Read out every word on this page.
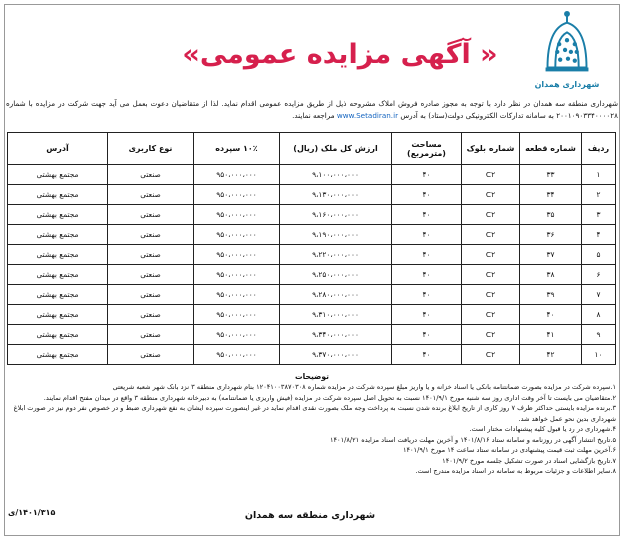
شهرداری همدان
« آگهی مزایده عمومی»
شهرداری منطقه سه همدان در نظر دارد با توجه به مجوز صادره فروش املاک مشروحه ذیل از طریق مزایده عمومی اقدام نماید. لذا از متقاضیان دعوت بعمل می آید جهت شرکت در مزایده با شماره ۲۰۰۱۰۹۰۳۳۴۰۰۰۰۲۸ به سامانه تدارکات الکترونیکی دولت(ستاد) به آدرس www.Setadiran.ir مراجعه نمایند.
ردیف	شماره قطعه	شماره بلوک	مساحت (مترمربع)	ارزش کل ملک (ریال)	۱۰٪ سپرده	نوع کاربری	آدرس
۱	۳۳	C۲	۴۰	۹،۱۰۰،۰۰۰،۰۰۰	۹۵۰،۰۰۰،۰۰۰	صنعتی	مجتمع بهشتی
۲	۳۴	C۲	۴۰	۹،۱۳۰،۰۰۰،۰۰۰	۹۵۰،۰۰۰،۰۰۰	صنعتی	مجتمع بهشتی
۳	۳۵	C۲	۴۰	۹،۱۶۰،۰۰۰،۰۰۰	۹۵۰،۰۰۰،۰۰۰	صنعتی	مجتمع بهشتی
۴	۳۶	C۲	۴۰	۹،۱۹۰،۰۰۰،۰۰۰	۹۵۰،۰۰۰،۰۰۰	صنعتی	مجتمع بهشتی
۵	۳۷	C۲	۴۰	۹،۲۲۰،۰۰۰،۰۰۰	۹۵۰،۰۰۰،۰۰۰	صنعتی	مجتمع بهشتی
۶	۳۸	C۲	۴۰	۹،۲۵۰،۰۰۰،۰۰۰	۹۵۰،۰۰۰،۰۰۰	صنعتی	مجتمع بهشتی
۷	۳۹	C۲	۴۰	۹،۲۸۰،۰۰۰،۰۰۰	۹۵۰،۰۰۰،۰۰۰	صنعتی	مجتمع بهشتی
۸	۴۰	C۲	۴۰	۹،۳۱۰،۰۰۰،۰۰۰	۹۵۰،۰۰۰،۰۰۰	صنعتی	مجتمع بهشتی
۹	۴۱	C۲	۴۰	۹،۳۴۰،۰۰۰،۰۰۰	۹۵۰،۰۰۰،۰۰۰	صنعتی	مجتمع بهشتی
۱۰	۴۲	C۲	۴۰	۹،۳۷۰،۰۰۰،۰۰۰	۹۵۰،۰۰۰،۰۰۰	صنعتی	مجتمع بهشتی
توضیحات
۱.سپرده شرکت در مزایده بصورت ضمانتنامه بانکی یا اسناد خزانه و یا واریز مبلغ سپرده شرکت در مزایده شماره ۱۲۰۴۱۰۰۳۸۷۰۳۰۸ بنام شهرداری منطقه ۳ نزد بانک شهر شعبه شریعتی
۲.متقاضیان می بایست تا آخر وقت اداری روز سه شنبه مورخ ۱۴۰۱/۹/۱ نسبت به تحویل اصل سپرده شرکت در مزایده (فیش واریزی یا ضمانتنامه) به دبیرخانه شهرداری منطقه ۳ واقع در میدان مفتح اقدام نمایند.
۳.برنده مزایده بایستی حداکثر ظرف ۷ روز کاری از تاریخ ابلاغ برنده شدن نسبت به پرداخت وجه ملک بصورت نقدی اقدام نماید در غیر اینصورت سپرده ایشان به نفع شهرداری ضبط و در خصوص نفر دوم نیز در صورت ابلاغ شهرداری بدین نحو عمل خواهد شد.
۴.شهرداری در رد یا قبول کلیه پیشنهادات مختار است.
۵.تاریخ انتشار آگهی در روزنامه و سامانه ستاد ۱۴۰۱/۸/۱۶ و آخرین مهلت دریافت اسناد مزایده ۱۴۰۱/۸/۲۱
۶.آخرین مهلت ثبت قیمت پیشنهادی در سامانه ستاد ساعت ۱۴ مورخ ۱۴۰۱/۹/۱
۷.تاریخ بازگشایی اسناد در صورت تشکیل جلسه مورخ ۱۴۰۱/۹/۲
۸.سایر اطلاعات و جزئیات مربوط به سامانه در اسناد مزایده مندرج است.
۱۴۰۱/۳۱۵/ی	شهرداری منطقه سه همدان
